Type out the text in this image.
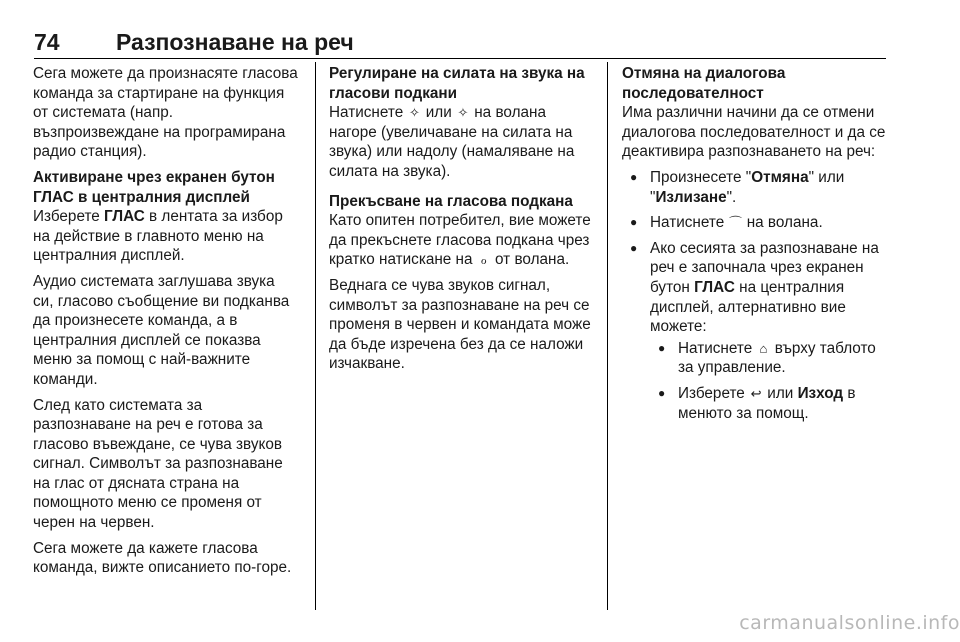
74 Разпознаване на реч

Сега можете да произнасяте гласова команда за стартиране на функция от системата (напр. възпроизвеждане на програмирана радио станция).

Активиране чрез екранен бутон ГЛАС в централния дисплей

Изберете ГЛАС в лентата за избор на действие в главното меню на централния дисплей.

Аудио системата заглушава звука си, гласово съобщение ви подканва да произнесете команда, а в централния дисплей се показва меню за помощ с най-важните команди.

След като системата за разпознаване на реч е готова за гласово въвеждане, се чува звуков сигнал. Символът за разпознаване на глас от дясната страна на помощното меню се променя от черен на червен.

Сега можете да кажете гласова команда, вижте описанието по-горе.

Регулиране на силата на звука на гласови подкани

Натиснете ✧ или ✧ на волана нагоре (увеличаване на силата на звука) или надолу (намаляване на силата на звука).

Прекъсване на гласова подкана

Като опитен потребител, вие можете да прекъснете гласова подкана чрез кратко натискане на ℴ от волана.

Веднага се чува звуков сигнал, символът за разпознаване на реч се променя в червен и командата може да бъде изречена без да се наложи изчакване.

Отмяна на диалогова последователност

Има различни начини да се отмени диалогова последователност и да се деактивира разпознаването на реч:

● Произнесете "Отмяна" или "Излизане".
● Натиснете ⌒ на волана.
● Ако сесията за разпознаване на реч е започнала чрез екранен бутон ГЛАС на централния дисплей, алтернативно вие можете:
● Натиснете ⌂ върху таблото за управление.
● Изберете ↩ или Изход в менюто за помощ.
carmanualsonline.info
